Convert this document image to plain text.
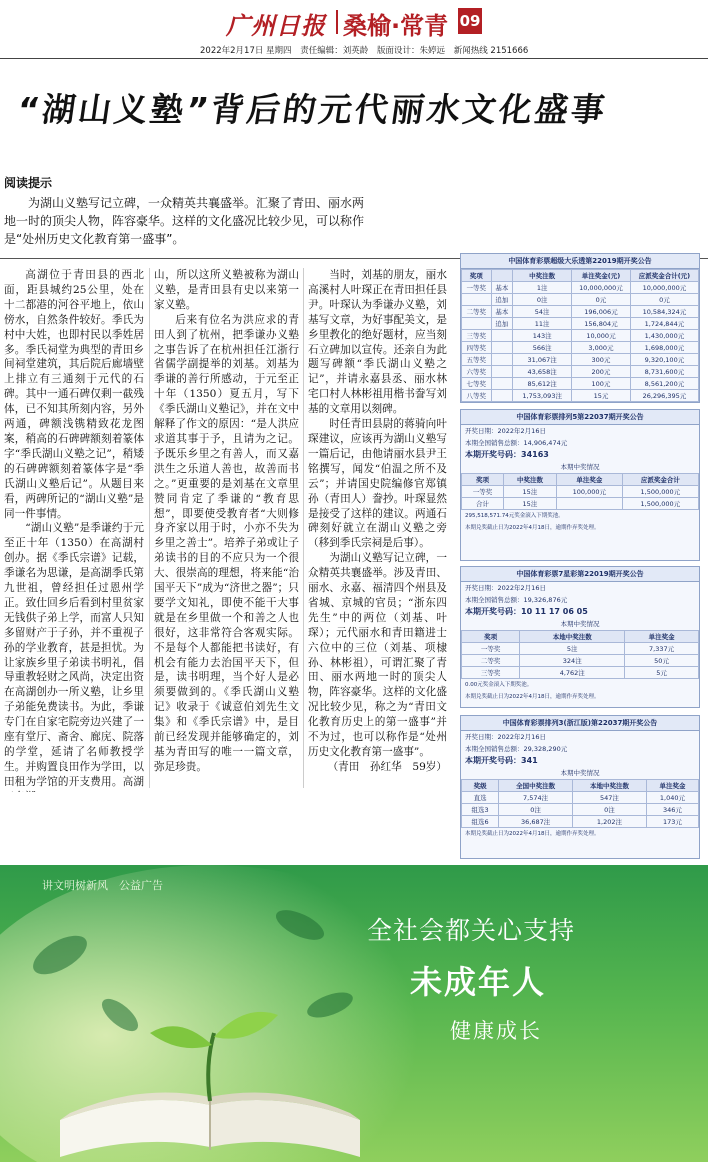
广州日报 桑榆·常青 09
2022年2月17日 星期四 责任编辑：刘英龄 版面设计：朱婷远 新闻热线 2151666
“湖山义塾”背后的元代丽水文化盛事
阅读提示
为湖山义塾写记立碑，一众精英共襄盛举。汇聚了青田、丽水两地一时的顶尖人物，阵容豪华。这样的文化盛况比较少见，可以称作是“处州历史文化教育第一盛事”。

高湖位于青田县的西北面，距县城约25公里，处在十二都港的河谷平地上，依山傍水，自然条件较好。季氏为村中大姓，也即村民以季姓居多。季氏祠堂为典型的青田乡间祠堂建筑，其后院后廊墙壁上排立有三通刻于元代的石碑。其中一通石碑仅剩一截残体，已不知其所刻内容，另外两通，碑额浅镌精致花龙图案，稍高的石碑碑额刻着篆体字“季氏湖山义塾之记”，稍矮的石碑碑额刻着篆体字是“季氏湖山义塾后记”。从题目来看，两碑所记的“湖山义塾”是同一件事情。

“湖山义塾”是季谦约于元至正十年（1350）在高湖村创办。据《季氏宗谱》记载，季谦名为思谦，是高湖季氏第九世祖，曾经担任过恩州学正。致仕回乡后看到村里贫家无钱供子弟上学，而富人只知多留财产于子孙，并不重视子孙的学业教育，甚是担忧。为让家族乡里子弟读书明礼，倡导重教轻财之风尚，决定出资在高湖创办一所义塾，让乡里子弟能免费读书。为此，季谦专门在自家宅院旁边兴建了一座有堂厅、斋舍、廊庑、院落的学堂，延请了名师教授学生。并购置良田作为学田，以田租为学馆的开支费用。高湖

山，所以这所义塾被称为湖山义塾，是青田县有史以来第一家义塾。

后来有位名为洪应求的青田人到了杭州，把季谦办义塾之事告诉了在杭州担任江浙行省儒学副提举的刘基。刘基为季谦的善行所感动，于元至正十年（1350）夏五月，写下《季氏湖山义塾记》，并在文中解释了作文的原因：“是人洪应求道其事于予，且请为之记。予既乐乡里之有善人，而又嘉洪生之乐道人善也，故善而书之。”更重要的是刘基在文章里赞同肯定了季谦的“教育思想”，即要使受教育者“大则修身齐家以用于时，小亦不失为乡里之善士”。培养子弟或让子弟读书的目的不应只为一个很大、很崇高的理想，将来能“治国平天下”成为“济世之器”；只要学文知礼，即使不能干大事就是在乡里做一个和善之人也很好，这非常符合客观实际。不是每个人都能把书读好，有机会有能力去治国平天下，但是，读书明理，当个好人是必须要做到的。《季氏湖山义塾记》收录于《诚意伯刘先生文集》和《季氏宗谱》中，是目前已经发现并能够确定的，刘基为青田写的唯一一篇文章，弥足珍贵。

当时，刘基的朋友，丽水高溪村人叶琛正在青田担任县尹。叶琛认为季谦办义塾，刘基写文章，为好事配美文，是乡里教化的绝好题材，应当刻石立碑加以宣传。还亲自为此题写碑额“季氏湖山义塾之记”，并请永嘉县丞、丽水林宅口村人林彬祖用楷书誊写刘基的文章用以刻碑。

时任青田县尉的蒋骑向叶琛建议，应该再为湖山义塾写一篇后记，由他请丽水县尹王铭撰写，闻发“伯温之所不及云”；并请国史院编修官郑镇孙（青田人）誊抄。叶琛显然是接受了这样的建议。两通石碑刻好就立在湖山义塾之旁（移到季氏宗祠是后事）。

为湖山义塾写记立碑，一众精英共襄盛举。涉及青田、丽水、永嘉、福清四个州县及省城、京城的官员；“浙东四先生”中的两位（刘基、叶琛）；元代丽水和青田籍进士六位中的三位（刘基、项棣孙、林彬祖），可谓汇聚了青田、丽水两地一时的顶尖人物，阵容豪华。这样的文化盛况比较少见，称之为“青田文化教育历史上的第一盛事”并不为过，也可以称作是“处州历史文化教育第一盛事”。

（青田　孙红华　59岁）

中国体育彩票超级大乐透第22019期开奖公告
奖项		中奖注数	单注奖金(元)	应派奖金合计(元)
一等奖	基本	1注	10,000,000元	10,000,000元
	追加	0注	0元	0元
二等奖	基本	54注	196,006元	10,584,324元
	追加	11注	156,804元	1,724,844元
三等奖		143注	10,000元	1,430,000元
四等奖		566注	3,000元	1,698,000元
五等奖		31,067注	300元	9,320,100元
六等奖		43,658注	200元	8,731,600元
七等奖		85,612注	100元	8,561,200元
八等奖		1,753,093注	15元	26,296,395元

中国体育彩票排列5第22037期开奖公告
开奖日期：2022年2月16日
本期全国销售总额：14,906,474元
本期开奖号码：34163
本期中奖情况
奖项	中奖注数	单注奖金	应派奖金合计
一等奖	15注	100,000元	1,500,000元
合计	15注		1,500,000元
295,518,571.74元奖金滚入下期奖池。
本期兑奖截止日为2022年4月18日，逾期作弃奖处理。
中国体育彩票7星彩第22019期开奖公告
开奖日期：2022年2月16日
本期全国销售总额：19,326,876元
本期开奖号码：10 11 17 06 05
本期中奖情况
奖项	本地中奖注数	单注奖金
一等奖	5注	7,337元
二等奖	324注	50元
三等奖	4,762注	5元
0.00元奖金滚入下期奖池。
本期兑奖截止日为2022年4月18日，逾期作弃奖处理。
中国体育彩票排列3(浙江版)第22037期开奖公告
开奖日期：2022年2月16日
本期全国销售总额：29,328,290元
本期开奖号码：341
本期中奖情况
奖级	全国中奖注数	本地中奖注数	单注奖金
直选	7,574注	547注	1,040元
组选3	0注	0注	346元
组选6	36,687注	1,202注	173元
本期兑奖截止日为2022年4月18日，逾期作弃奖处理。
讲文明树新风　公益广告
全社会都关心支持
未成年人
健康成长
